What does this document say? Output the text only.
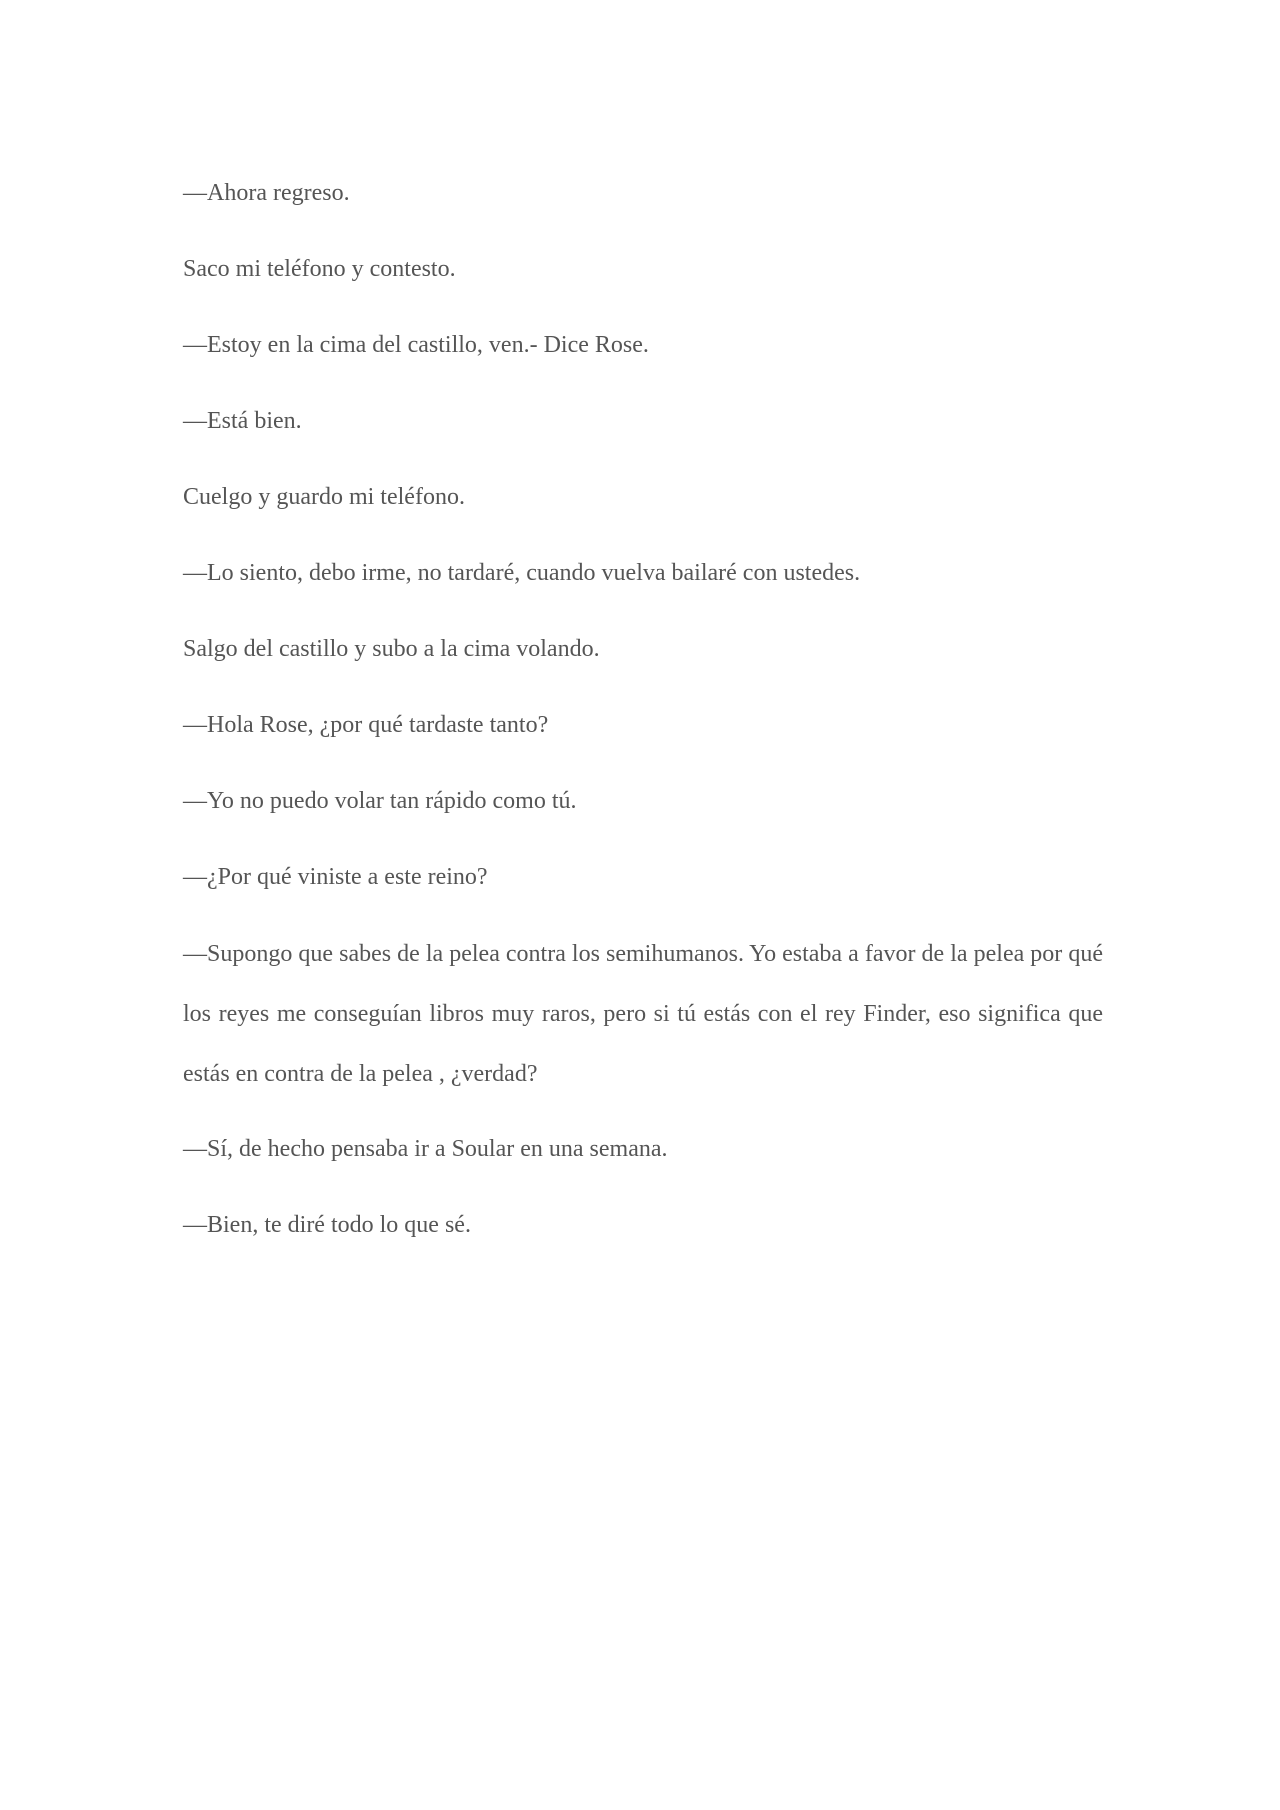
—Ahora regreso.

Saco mi teléfono y contesto.

—Estoy en la cima del castillo, ven.- Dice Rose.

—Está bien.

Cuelgo y guardo mi teléfono.

—Lo siento, debo irme, no tardaré, cuando vuelva bailaré con ustedes.

Salgo del castillo y subo a la cima volando.

—Hola Rose, ¿por qué tardaste tanto?

—Yo no puedo volar tan rápido como tú.

—¿Por qué viniste a este reino?

—Supongo que sabes de la pelea contra los semihumanos. Yo estaba a favor de la pelea por qué los reyes me conseguían libros muy raros, pero si tú estás con el rey Finder, eso significa que estás en contra de la pelea , ¿verdad?

—Sí, de hecho pensaba ir a Soular en una semana.

—Bien, te diré todo lo que sé.
